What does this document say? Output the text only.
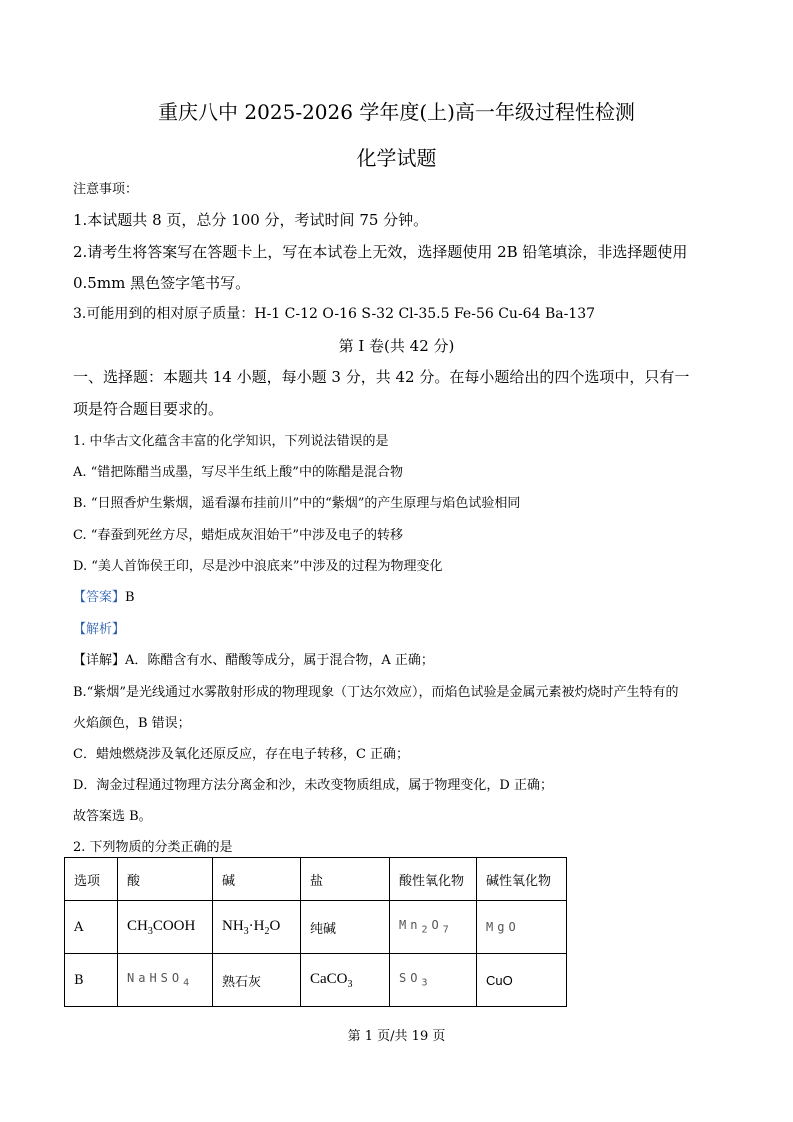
重庆八中 2025-2026 学年度(上)高一年级过程性检测
化学试题
注意事项：
1.本试题共 8 页，总分 100 分，考试时间 75 分钟。
2.请考生将答案写在答题卡上，写在本试卷上无效，选择题使用 2B 铅笔填涂，非选择题使用
0.5mm 黑色签字笔书写。
3.可能用到的相对原子质量：H-1 C-12 O-16 S-32 Cl-35.5 Fe-56 Cu-64 Ba-137
第 I 卷(共 42 分)
一、选择题：本题共 14 小题，每小题 3 分，共 42 分。在每小题给出的四个选项中，只有一
项是符合题目要求的。
1. 中华古文化蕴含丰富的化学知识，下列说法错误的是
A. “错把陈醋当成墨，写尽半生纸上酸”中的陈醋是混合物
B. “日照香炉生紫烟，遥看瀑布挂前川”中的“紫烟”的产生原理与焰色试验相同
C. “春蚕到死丝方尽，蜡炬成灰泪始干”中涉及电子的转移
D. “美人首饰侯王印，尽是沙中浪底来”中涉及的过程为物理变化
【答案】B
【解析】
【详解】A．陈醋含有水、醋酸等成分，属于混合物，A 正确；
B.“紫烟”是光线通过水雾散射形成的物理现象（丁达尔效应），而焰色试验是金属元素被灼烧时产生特有的
火焰颜色，B 错误；
C．蜡烛燃烧涉及氧化还原反应，存在电子转移，C 正确；
D．淘金过程通过物理方法分离金和沙，未改变物质组成，属于物理变化，D 正确；
故答案选 B。
2. 下列物质的分类正确的是
选项	酸	碱	盐	酸性氧化物	碱性氧化物
A	$CH_3COOH$	$NH_3\cdot H_2O$	纯碱	$Mn_2O_7$	MgO
B	NaHSO$_4$	熟石灰	CaCO$_3$	$SO_3$	CuO
第 1 页/共 19 页
